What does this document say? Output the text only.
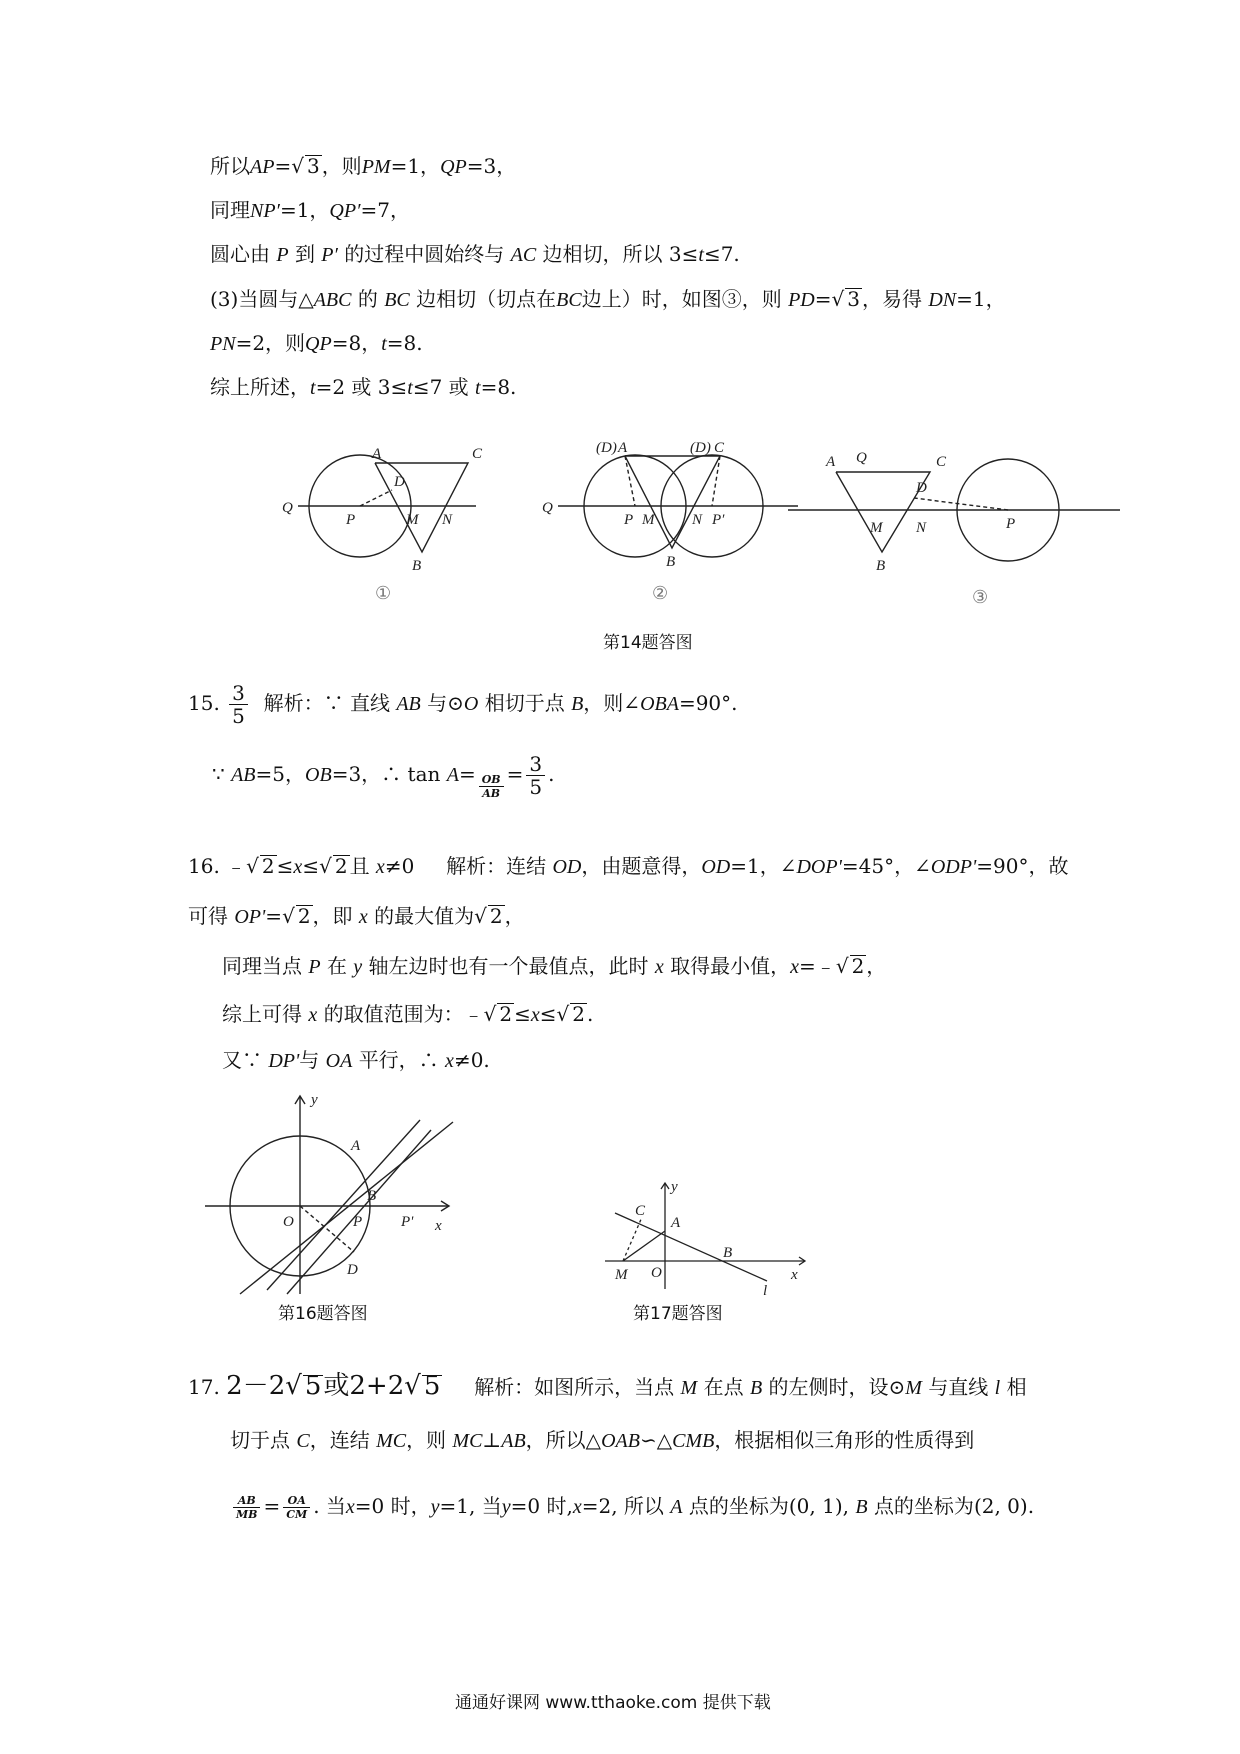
所以AP=√ 3 ，则PM=1，QP=3，
同理NP′=1，QP′=7，
圆心由 P 到 P′ 的过程中圆始终与 AC 边相切，所以 3≤t≤7.
(3)当圆与△ABC 的 BC 边相切（切点在BC边上）时，如图③，则 PD=√ 3 ，易得 DN=1，
PN=2，则QP=8，t=8.
综上所述，t=2 或 3≤t≤7 或 t=8.
A	C
D
Q
P	M N
B
(D) A	(D) C
Q
P M	N P′
B
A	C
D
Q
M N	P
B
①	②	③
第14题答图
15. $\frac{3}{5}$ 解析：∵ 直线 AB 与⊙O 相切于点 B，则∠OBA=90°.
∵ AB=5，OB=3，∴ $\tan A= \frac{OB}{AB} = \frac{3}{5}$ .
16. ﹣√ 2 ≤x≤√ 2 且 x≠0 解析：连结 OD，由题意得，OD=1，∠DOP'=45°，∠ODP'=90°，故
可得 OP'=√ 2 ，即 x 的最大值为√ 2 ，
同理当点 P 在 y 轴左边时也有一个最值点，此时 x 取得最小值，x=﹣√ 2 ，
综上可得 x 的取值范围为：﹣√ 2 ≤x≤√ 2 .
又∵ DP'与 OA 平行，∴ x≠0.
y
x
A
B
O	P	P'
D
第16题答图
y
x
C
A
B
M O
l
第17题答图
17. 2－2√ 5或2+2√ 5 解析：如图所示，当点 M 在点 B 的左侧时，设⊙M 与直线 l 相
切于点 C，连结 MC，则 MC⊥AB，所以△OAB∽△CMB，根据相似三角形的性质得到
$\frac{AB}{MB} = \frac{OA}{CM}$ . 当x=0 时，y=1, 当y=0 时,x=2, 所以 A 点的坐标为(0, 1), B 点的坐标为(2, 0).
通通好课网 www.tthaoke.com 提供下载
